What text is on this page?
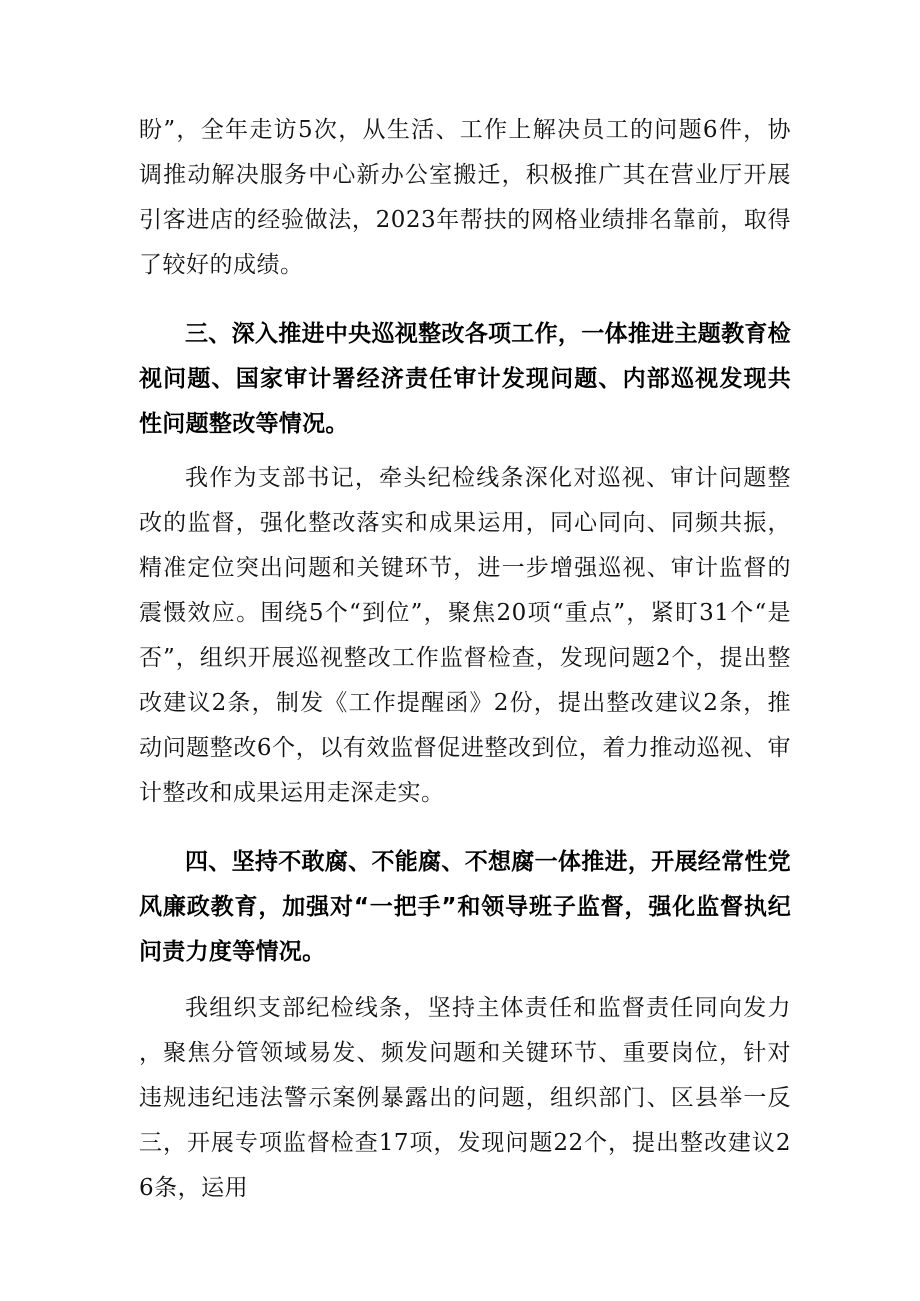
盼”，全年走访5次，从生活、工作上解决员工的问题6件，协调推动解决服务中心新办公室搬迁，积极推广其在营业厅开展引客进店的经验做法，2023年帮扶的网格业绩排名靠前，取得了较好的成绩。

三、深入推进中央巡视整改各项工作，一体推进主题教育检视问题、国家审计署经济责任审计发现问题、内部巡视发现共性问题整改等情况。

我作为支部书记，牵头纪检线条深化对巡视、审计问题整改的监督，强化整改落实和成果运用，同心同向、同频共振，精准定位突出问题和关键环节，进一步增强巡视、审计监督的震慑效应。围绕5个“到位”，聚焦20项“重点”，紧盯31个“是否”，组织开展巡视整改工作监督检查，发现问题2个，提出整改建议2条，制发《工作提醒函》2份，提出整改建议2条，推动问题整改6个，以有效监督促进整改到位，着力推动巡视、审计整改和成果运用走深走实。

四、坚持不敢腐、不能腐、不想腐一体推进，开展经常性党风廉政教育，加强对“一把手”和领导班子监督，强化监督执纪问责力度等情况。

我组织支部纪检线条，坚持主体责任和监督责任同向发力，聚焦分管领域易发、频发问题和关键环节、重要岗位，针对违规违纪违法警示案例暴露出的问题，组织部门、区县举一反三，开展专项监督检查17项，发现问题22个，提出整改建议26条，运用
